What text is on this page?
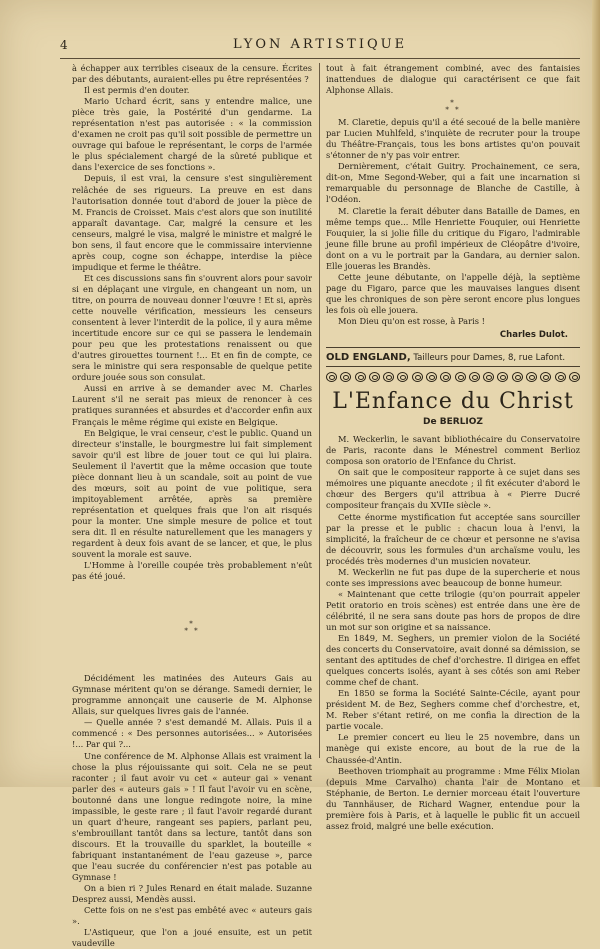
4	LYON ARTISTIQUE

à échapper aux terribles ciseaux de la censure. Écrites par des débutants, auraient-elles pu être représentées ?

Il est permis d'en douter.

Mario Uchard écrit, sans y entendre malice, une pièce très gaie, la Postérité d'un gendarme. La représentation n'est pas autorisée : « la commission d'examen ne croit pas qu'il soit possible de permettre un ouvrage qui bafoue le représentant, le corps de l'armée le plus spécialement chargé de la sûreté publique et dans l'exercice de ses fonctions ».

Depuis, il est vrai, la censure s'est singulièrement relâchée de ses rigueurs. La preuve en est dans l'autorisation donnée tout d'abord de jouer la pièce de M. Francis de Croisset. Mais c'est alors que son inutilité apparaît davantage. Car, malgré la censure et les censeurs, malgré le visa, malgré le ministre et malgré le bon sens, il faut encore que le commissaire intervienne après coup, cogne son échappe, interdise la pièce impudique et ferme le théâtre.

Et ces discussions sans fin s'ouvrent alors pour savoir si en déplaçant une virgule, en changeant un nom, un titre, on pourra de nouveau donner l'œuvre ! Et si, après cette nouvelle vérification, messieurs les censeurs consentent à lever l'interdit de la police, il y aura même incertitude encore sur ce qui se passera le lendemain pour peu que les protestations renaissent ou que d'autres girouettes tournent !... Et en fin de compte, ce sera le ministre qui sera responsable de quelque petite ordure jouée sous son consulat.

Aussi en arrive à se demander avec M. Charles Laurent s'il ne serait pas mieux de renoncer à ces pratiques surannées et absurdes et d'accorder enfin aux Français le même régime qui existe en Belgique.

En Belgique, le vrai censeur, c'est le public. Quand un directeur s'installe, le bourgmestre lui fait simplement savoir qu'il est libre de jouer tout ce qui lui plaira. Seulement il l'avertit que la même occasion que toute pièce donnant lieu à un scandale, soit au point de vue des mœurs, soit au point de vue politique, sera impitoyablement arrêtée, après sa première représentation et quelques frais que l'on ait risqués pour la monter. Une simple mesure de police et tout sera dit. Il en résulte naturellement que les managers y regardent à deux fois avant de se lancer, et que, le plus souvent la morale est sauve.

L'Homme à l'oreille coupée très probablement n'eût pas été joué.

*
* *

Décidément les matinées des Auteurs Gais au Gymnase méritent qu'on se dérange. Samedi dernier, le programme annonçait une causerie de M. Alphonse Allais, sur quelques livres gais de l'année.

— Quelle année ? s'est demandé M. Allais. Puis il a commencé : « Des personnes autorisées... » Autorisées !... Par qui ?...

Une conférence de M. Alphonse Allais est vraiment la chose la plus réjouissante qui soit. Cela ne se peut raconter ; il faut avoir vu cet « auteur gai » venant parler des « auteurs gais » ! Il faut l'avoir vu en scène, boutonné dans une longue redingote noire, la mine impassible, le geste rare ; il faut l'avoir regardé durant un quart d'heure, rangeant ses papiers, parlant peu, s'embrouillant tantôt dans sa lecture, tantôt dans son discours. Et la trouvaille du sparklet, la bouteille « fabriquant instantanément de l'eau gazeuse », parce que l'eau sucrée du conférencier n'est pas potable au Gymnase !

On a bien ri ? Jules Renard en était malade. Suzanne Desprez aussi, Mendès aussi.

Cette fois on ne s'est pas embêté avec « auteurs gais ».

L'Astiqueur, que l'on a joué ensuite, est un petit vaudeville

tout à fait étrangement combiné, avec des fantaisies inattendues de dialogue qui caractérisent ce que fait Alphonse Allais.

*
* *

M. Claretie, depuis qu'il a été secoué de la belle manière par Lucien Muhlfeld, s'inquiète de recruter pour la troupe du Théâtre-Français, tous les bons artistes qu'on pouvait s'étonner de n'y pas voir entrer.

Dernièrement, c'était Guitry. Prochainement, ce sera, dit-on, Mme Segond-Weber, qui a fait une incarnation si remarquable du personnage de Blanche de Castille, à l'Odéon.

M. Claretie la ferait débuter dans Bataille de Dames, en même temps que... Mlle Henriette Fouquier, oui Henriette Fouquier, la si jolie fille du critique du Figaro, l'admirable jeune fille brune au profil impérieux de Cléopâtre d'ivoire, dont on a vu le portrait par la Gandara, au dernier salon. Elle joueras les Brandès.

Cette jeune débutante, on l'appelle déjà, la septième page du Figaro, parce que les mauvaises langues disent que les chroniques de son père seront encore plus longues les fois où elle jouera.

Mon Dieu qu'on est rosse, à Paris !

Charles Dulot.
OLD ENGLAND, Tailleurs pour Dames, 8, rue Lafont.
L'Enfance du Christ
De BERLIOZ

M. Weckerlin, le savant bibliothécaire du Conservatoire de Paris, raconte dans le Ménestrel comment Berlioz composa son oratorio de l'Enfance du Christ.

On sait que le compositeur rapporte à ce sujet dans ses mémoires une piquante anecdote ; il fit exécuter d'abord le chœur des Bergers qu'il attribua à « Pierre Ducré compositeur français du XVIIe siècle ».

Cette énorme mystification fut acceptée sans sourciller par la presse et le public : chacun loua à l'envi, la simplicité, la fraîcheur de ce chœur et personne ne s'avisa de découvrir, sous les formules d'un archaïsme voulu, les procédés très modernes d'un musicien novateur.

M. Weckerlin ne fut pas dupe de la supercherie et nous conte ses impressions avec beaucoup de bonne humeur.

« Maintenant que cette trilogie (qu'on pourrait appeler Petit oratorio en trois scènes) est entrée dans une ère de célébrité, il ne sera sans doute pas hors de propos de dire un mot sur son origine et sa naissance.

En 1849, M. Seghers, un premier violon de la Société des concerts du Conservatoire, avait donné sa démission, se sentant des aptitudes de chef d'orchestre. Il dirigea en effet quelques concerts isolés, ayant à ses côtés son ami Reber comme chef de chant.

En 1850 se forma la Société Sainte-Cécile, ayant pour président M. de Bez, Seghers comme chef d'orchestre, et, M. Reber s'étant retiré, on me confia la direction de la partie vocale.

Le premier concert eu lieu le 25 novembre, dans un manège qui existe encore, au bout de la rue de la Chaussée-d'Antin.

Beethoven triomphait au programme : Mme Félix Miolan (depuis Mme Carvalho) chanta l'air de Montano et Stéphanie, de Berton. Le dernier morceau était l'ouverture du Tannhäuser, de Richard Wagner, entendue pour la première fois à Paris, et à laquelle le public fit un accueil assez froid, malgré une belle exécution.
